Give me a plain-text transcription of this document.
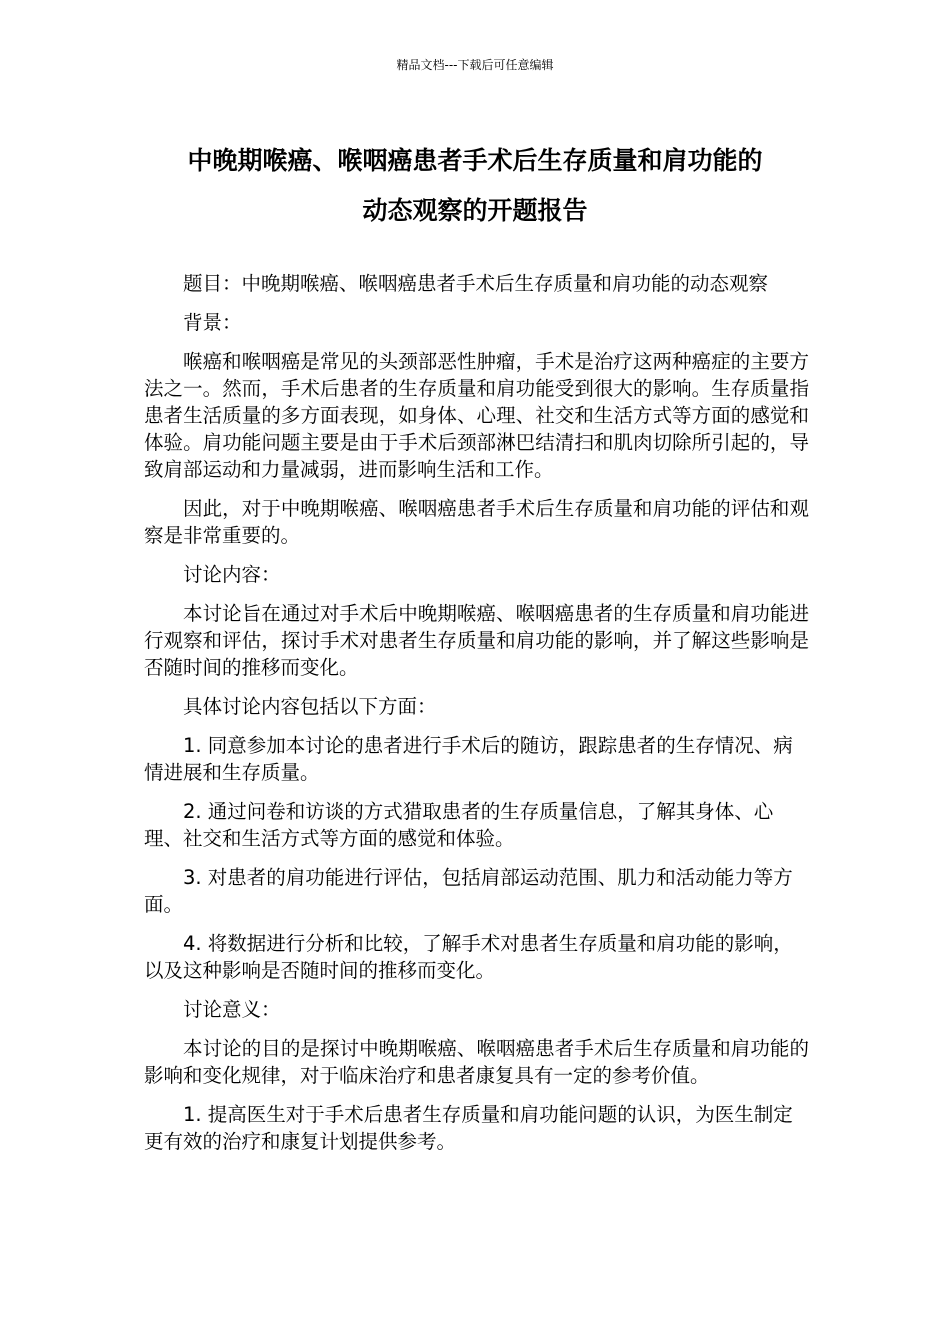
精品文档---下载后可任意编辑
中晚期喉癌、喉咽癌患者手术后生存质量和肩功能的
动态观察的开题报告

题目：中晚期喉癌、喉咽癌患者手术后生存质量和肩功能的动态观察

背景：

喉癌和喉咽癌是常见的头颈部恶性肿瘤，手术是治疗这两种癌症的主要方法之一。然而，手术后患者的生存质量和肩功能受到很大的影响。生存质量指患者生活质量的多方面表现，如身体、心理、社交和生活方式等方面的感觉和体验。肩功能问题主要是由于手术后颈部淋巴结清扫和肌肉切除所引起的，导致肩部运动和力量减弱，进而影响生活和工作。

因此，对于中晚期喉癌、喉咽癌患者手术后生存质量和肩功能的评估和观察是非常重要的。

讨论内容：

本讨论旨在通过对手术后中晚期喉癌、喉咽癌患者的生存质量和肩功能进行观察和评估，探讨手术对患者生存质量和肩功能的影响，并了解这些影响是否随时间的推移而变化。

具体讨论内容包括以下方面：

1. 同意参加本讨论的患者进行手术后的随访，跟踪患者的生存情况、病情进展和生存质量。

2. 通过问卷和访谈的方式猎取患者的生存质量信息，了解其身体、心理、社交和生活方式等方面的感觉和体验。

3. 对患者的肩功能进行评估，包括肩部运动范围、肌力和活动能力等方面。

4. 将数据进行分析和比较，了解手术对患者生存质量和肩功能的影响，以及这种影响是否随时间的推移而变化。

讨论意义：

本讨论的目的是探讨中晚期喉癌、喉咽癌患者手术后生存质量和肩功能的影响和变化规律，对于临床治疗和患者康复具有一定的参考价值。

1. 提高医生对于手术后患者生存质量和肩功能问题的认识，为医生制定更有效的治疗和康复计划提供参考。
